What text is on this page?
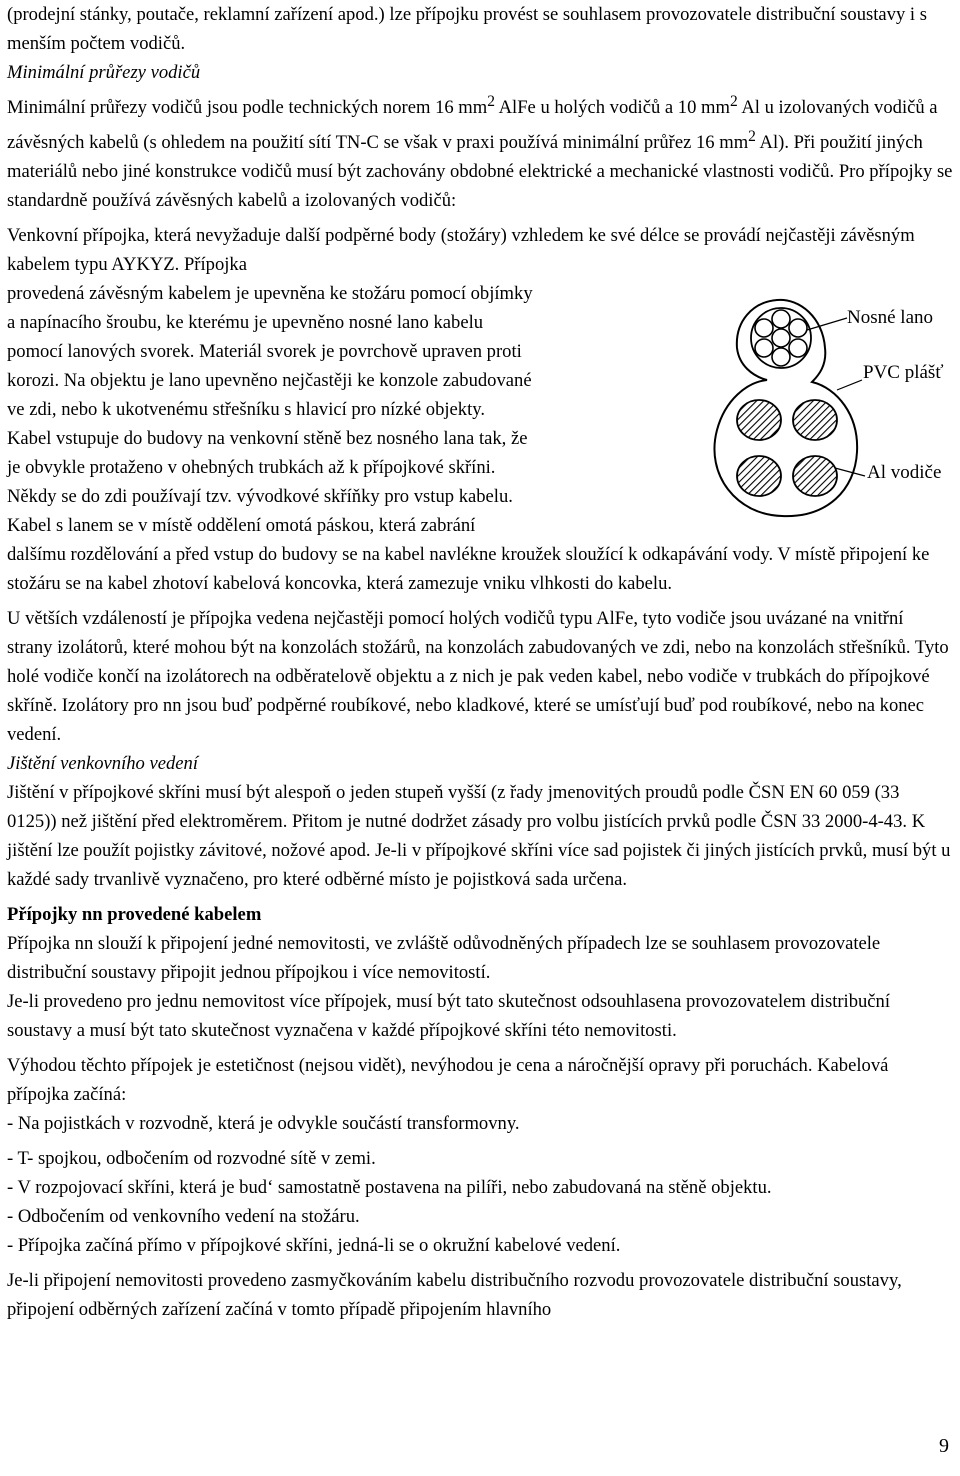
(prodejní stánky, poutače, reklamní zařízení apod.) lze přípojku provést se souhlasem provozovatele distribuční soustavy i s menším počtem vodičů.

Minimální průřezy vodičů

Minimální průřezy vodičů jsou podle technických norem 16 $mm^2$ AlFe u holých vodičů a 10 $mm^2$ Al u izolovaných vodičů a závěsných kabelů (s ohledem na použití sítí TN-C se však v praxi používá minimální průřez 16 $mm^2$ Al). Při použití jiných materiálů nebo jiné konstrukce vodičů musí být zachovány obdobné elektrické a mechanické vlastnosti vodičů. Pro přípojky se standardně používá závěsných kabelů a izolovaných vodičů:

Venkovní přípojka, která nevyžaduje další podpěrné body (stožáry) vzhledem ke své délce se provádí nejčastěji závěsným kabelem typu AYKYZ. Přípojka

provedená závěsným kabelem je upevněna ke stožáru pomocí objímky
a napínacího šroubu, ke kterému je upevněno nosné lano kabelu
pomocí lanových svorek. Materiál svorek je povrchově upraven proti
korozi. Na objektu je lano upevněno nejčastěji ke konzole zabudované
ve zdi, nebo k ukotvenému střešníku s hlavicí pro nízké objekty.
Kabel vstupuje do budovy na venkovní stěně bez nosného lana tak, že
je obvykle protaženo v ohebných trubkách až k přípojkové skříni.
Někdy se do zdi používají tzv. vývodkové skříňky pro vstup kabelu.
Kabel s lanem se v místě oddělení omotá páskou, která zabrání

dalšímu rozdělování a před vstup do budovy se na kabel navlékne kroužek sloužící k odkapávání vody. V místě připojení ke stožáru se na kabel zhotoví kabelová koncovka, která zamezuje vniku vlhkosti do kabelu.

U větších vzdáleností je přípojka vedena nejčastěji pomocí holých vodičů typu AlFe, tyto vodiče jsou uvázané na vnitřní strany izolátorů, které mohou být na konzolách stožárů, na konzolách zabudovaných ve zdi, nebo na konzolách střešníků. Tyto holé vodiče končí na izolátorech na odběratelově objektu a z nich je pak veden kabel, nebo vodiče v trubkách do přípojkové skříně. Izolátory pro nn jsou buď podpěrné roubíkové, nebo kladkové, které se umísťují buď pod roubíkové, nebo na konec vedení.

Jištění venkovního vedení

Jištění v přípojkové skříni musí být alespoň o jeden stupeň vyšší (z řady jmenovitých proudů podle ČSN EN 60 059 (33 0125)) než jištění před elektroměrem. Přitom je nutné dodržet zásady pro volbu jistících prvků podle ČSN 33 2000-4-43. K jištění lze použít pojistky závitové, nožové apod. Je-li v přípojkové skříni více sad pojistek či jiných jistících prvků, musí být u každé sady trvanlivě vyznačeno, pro které odběrné místo je pojistková sada určena.

Přípojky nn provedené kabelem

Přípojka nn slouží k připojení jedné nemovitosti, ve zvláště odůvodněných případech lze se souhlasem provozovatele distribuční soustavy připojit jednou přípojkou i více nemovitostí.

Je-li provedeno pro jednu nemovitost více přípojek, musí být tato skutečnost odsouhlasena provozovatelem distribuční soustavy a musí být tato skutečnost vyznačena v každé přípojkové skříni této nemovitosti.

Výhodou těchto přípojek je estetičnost (nejsou vidět), nevýhodou je cena a náročnější opravy při poruchách. Kabelová přípojka začíná:

- Na pojistkách v rozvodně, která je odvykle součástí transformovny.

- T- spojkou, odbočením od rozvodné sítě v zemi.

- V rozpojovací skříni, která je bud‘ samostatně postavena na pilíři, nebo zabudovaná na stěně objektu.

- Odbočením od venkovního vedení na stožáru.

- Přípojka začíná přímo v přípojkové skříni, jedná-li se o okružní kabelové vedení.

Je-li připojení nemovitosti provedeno zasmyčkováním kabelu distribučního rozvodu provozovatele distribuční soustavy, připojení odběrných zařízení začíná v tomto případě připojením hlavního

Nosné lano
PVC plášť
Al vodiče
9
